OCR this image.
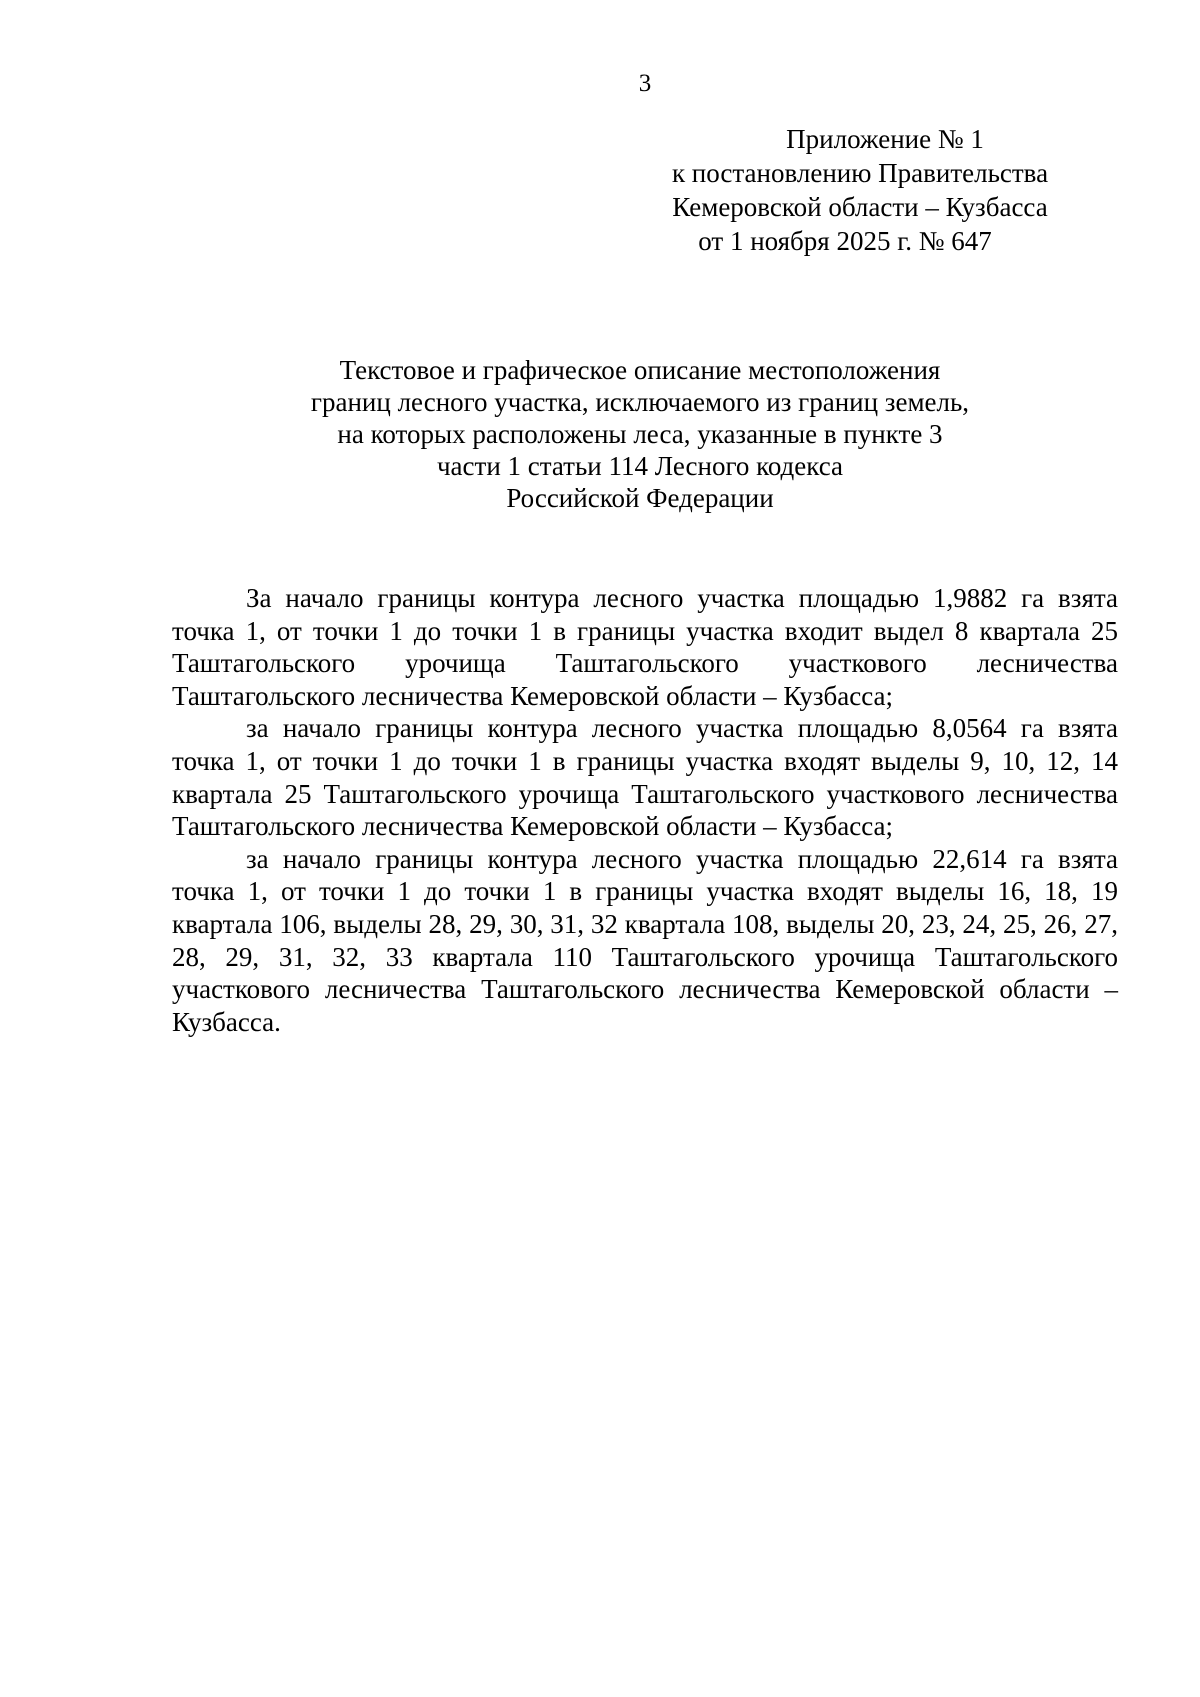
3
Приложение № 1
к постановлению Правительства
Кемеровской области – Кузбасса
от 1 ноября 2025 г. № 647
Текстовое и графическое описание местоположения
границ лесного участка, исключаемого из границ земель,
на которых расположены леса, указанные в пункте 3
части 1 статьи 114 Лесного кодекса
Российской Федерации

За начало границы контура лесного участка площадью 1,9882 га взята точка 1, от точки 1 до точки 1 в границы участка входит выдел 8 квартала 25 Таштагольского урочища Таштагольского участкового лесничества Таштагольского лесничества Кемеровской области – Кузбасса;

за начало границы контура лесного участка площадью 8,0564 га взята точка 1, от точки 1 до точки 1 в границы участка входят выделы 9, 10, 12, 14 квартала 25 Таштагольского урочища Таштагольского участкового лесничества Таштагольского лесничества Кемеровской области – Кузбасса;

за начало границы контура лесного участка площадью 22,614 га взята точка 1, от точки 1 до точки 1 в границы участка входят выделы 16, 18, 19 квартала 106, выделы 28, 29, 30, 31, 32 квартала 108, выделы 20, 23, 24, 25, 26, 27, 28, 29, 31, 32, 33 квартала 110 Таштагольского урочища Таштагольского участкового лесничества Таштагольского лесничества Кемеровской области – Кузбасса.
